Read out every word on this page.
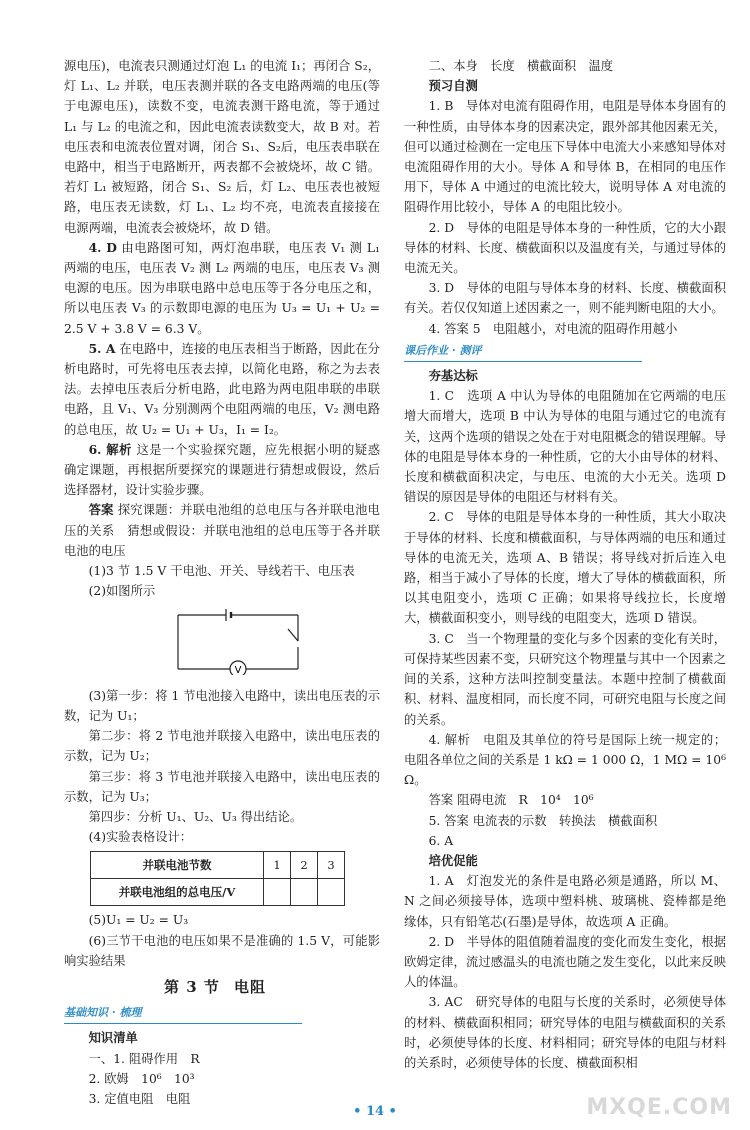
源电压)，电流表只测通过灯泡 L₁ 的电流 I₁；再闭合 S₂，灯 L₁、L₂ 并联，电压表测并联的各支电路两端的电压(等于电源电压)，读数不变，电流表测干路电流，等于通过 L₁ 与 L₂ 的电流之和，因此电流表读数变大，故 B 对。若电压表和电流表位置对调，闭合 S₁、S₂后，电压表串联在电路中，相当于电路断开，两表都不会被烧坏，故 C 错。若灯 L₁ 被短路，闭合 S₁、S₂ 后，灯 L₂、电压表也被短路，电压表无读数，灯 L₁、L₂ 均不亮，电流表直接接在电源两端，电流表会被烧坏，故 D 错。

4. D 由电路图可知，两灯泡串联，电压表 V₁ 测 L₁ 两端的电压，电压表 V₂ 测 L₂ 两端的电压，电压表 V₃ 测电源的电压。因为串联电路中总电压等于各分电压之和，所以电压表 V₃ 的示数即电源的电压为 U₃ = U₁ + U₂ = 2.5 V + 3.8 V = 6.3 V。

5. A 在电路中，连接的电压表相当于断路，因此在分析电路时，可先将电压表去掉，以简化电路，称之为去表法。去掉电压表后分析电路，此电路为两电阻串联的串联电路，且 V₁、V₃ 分别测两个电阻两端的电压，V₂ 测电路的总电压，故 U₂ = U₁ + U₃，I₁ = I₂。

6. 解析 这是一个实验探究题，应先根据小明的疑惑确定课题，再根据所要探究的课题进行猜想或假设，然后选择器材，设计实验步骤。

答案 探究课题：并联电池组的总电压与各并联电池电压的关系　猜想或假设：并联电池组的总电压等于各并联电池的电压

(1)3 节 1.5 V 干电池、开关、导线若干、电压表

(2)如图所示

V

(3)第一步：将 1 节电池接入电路中，读出电压表的示数，记为 U₁；

第二步：将 2 节电池并联接入电路中，读出电压表的示数，记为 U₂；

第三步：将 3 节电池并联接入电路中，读出电压表的示数，记为 U₃；

第四步：分析 U₁、U₂、U₃ 得出结论。

(4)实验表格设计：

并联电池节数	1	2	3
并联电池组的总电压/V			

(5)U₁ = U₂ = U₃

(6)三节干电池的电压如果不是准确的 1.5 V，可能影响实验结果

第 3 节 电阻
基础知识 · 梳理

知识清单

一、1. 阻碍作用　R

2. 欧姆　10⁶　10³

3. 定值电阻　电阻

二、本身　长度　横截面积　温度

预习自测

1. B　导体对电流有阻碍作用，电阻是导体本身固有的一种性质，由导体本身的因素决定，跟外部其他因素无关，但可以通过检测在一定电压下导体中电流大小来感知导体对电流阻碍作用的大小。导体 A 和导体 B，在相同的电压作用下，导体 A 中通过的电流比较大，说明导体 A 对电流的阻碍作用比较小，导体 A 的电阻比较小。

2. D　导体的电阻是导体本身的一种性质，它的大小跟导体的材料、长度、横截面积以及温度有关，与通过导体的电流无关。

3. D　导体的电阻与导体本身的材料、长度、横截面积有关。若仅仅知道上述因素之一，则不能判断电阻的大小。

4. 答案 5　电阻越小，对电流的阻碍作用越小

课后作业 · 测评

夯基达标

1. C　选项 A 中认为导体的电阻随加在它两端的电压增大而增大，选项 B 中认为导体的电阻与通过它的电流有关，这两个选项的错误之处在于对电阻概念的错误理解。导体的电阻是导体本身的一种性质，它的大小由导体的材料、长度和横截面积决定，与电压、电流的大小无关。选项 D 错误的原因是导体的电阻还与材料有关。

2. C　导体的电阻是导体本身的一种性质，其大小取决于导体的材料、长度和横截面积，与导体两端的电压和通过导体的电流无关，选项 A、B 错误；将导线对折后连入电路，相当于减小了导体的长度，增大了导体的横截面积，所以其电阻变小，选项 C 正确；如果将导线拉长，长度增大，横截面积变小，则导线的电阻变大，选项 D 错误。

3. C　当一个物理量的变化与多个因素的变化有关时，可保持某些因素不变，只研究这个物理量与其中一个因素之间的关系，这种方法叫控制变量法。本题中控制了横截面积、材料、温度相同，而长度不同，可研究电阻与长度之间的关系。

4. 解析　电阻及其单位的符号是国际上统一规定的；电阻各单位之间的关系是 1 kΩ = 1 000 Ω，1 MΩ = 10⁶ Ω。

答案 阻碍电流　R　10⁴　10⁶

5. 答案 电流表的示数　转换法　横截面积

6. A

培优促能

1. A　灯泡发光的条件是电路必须是通路，所以 M、N 之间必须接导体，选项中塑料桃、玻璃桃、瓷棒都是绝缘体，只有铅笔芯(石墨)是导体，故选项 A 正确。

2. D　半导体的阻值随着温度的变化而发生变化，根据欧姆定律，流过感温头的电流也随之发生变化，以此来反映人的体温。

3. AC　研究导体的电阻与长度的关系时，必须使导体的材料、横截面积相同；研究导体的电阻与横截面积的关系时，必须使导体的长度、材料相同；研究导体的电阻与材料的关系时，必须使导体的长度、横截面积相

• 14 •	MXQE.COM
